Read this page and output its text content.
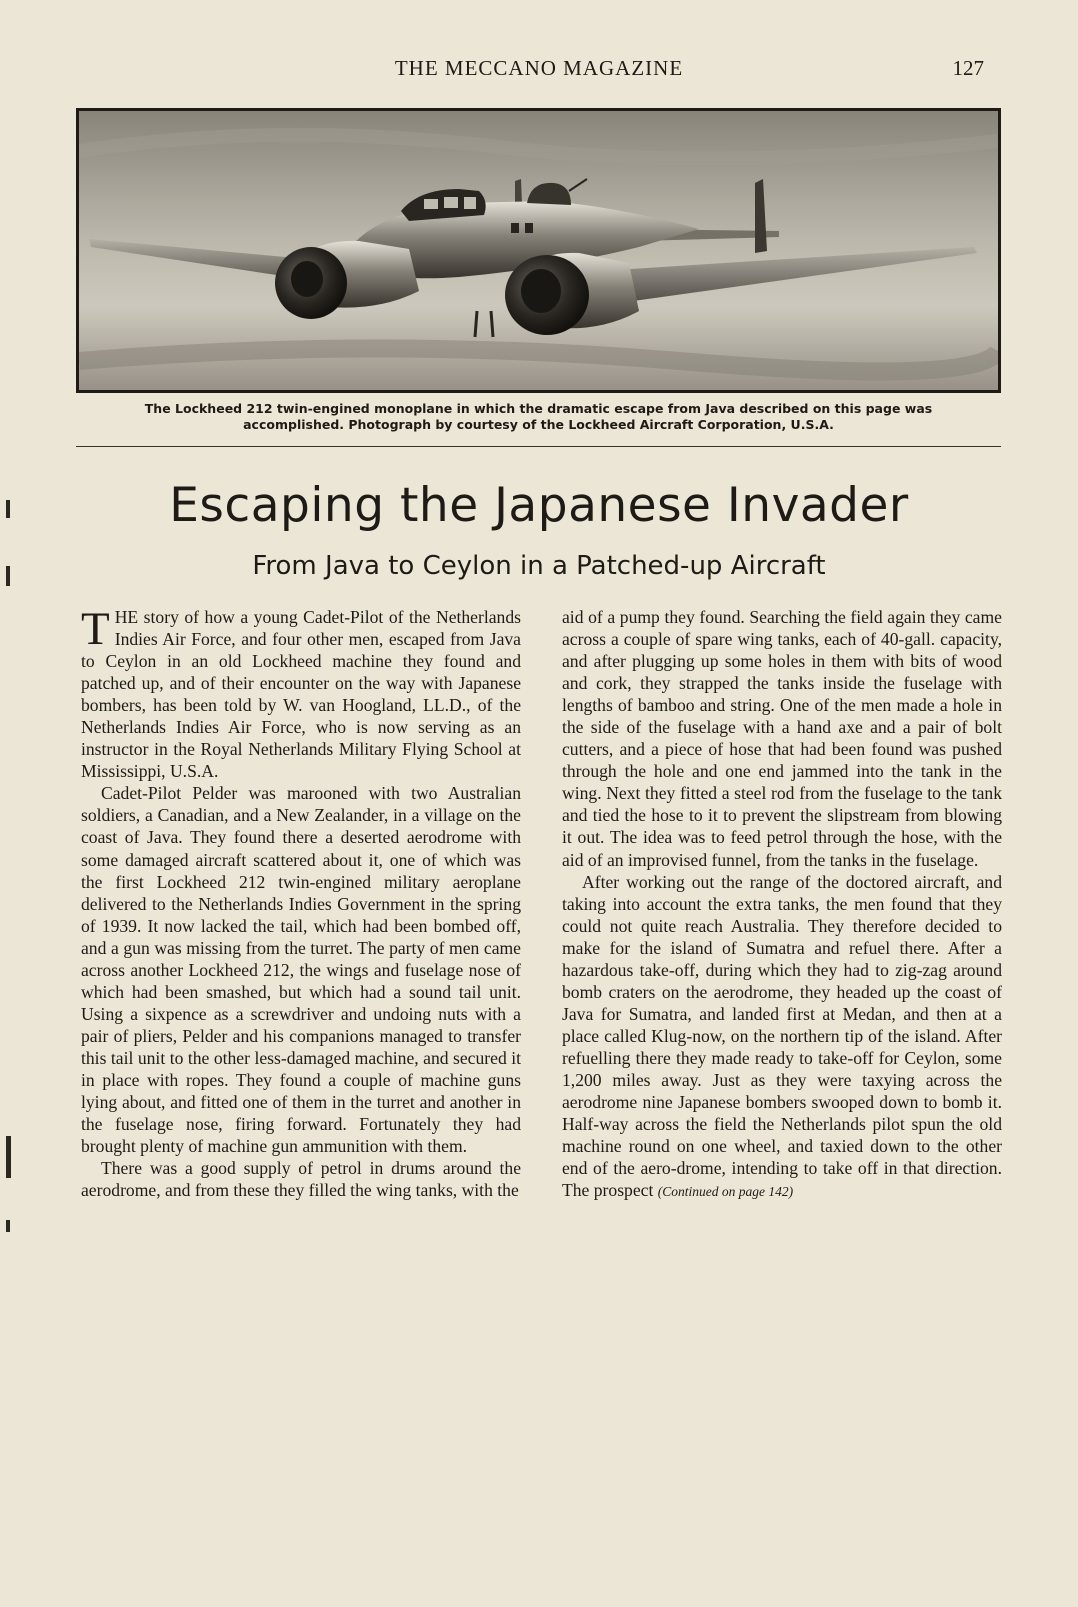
THE MECCANO MAGAZINE	127
The Lockheed 212 twin-engined monoplane in which the dramatic escape from Java described on this page was
accomplished. Photograph by courtesy of the Lockheed Aircraft Corporation, U.S.A.
Escaping the Japanese Invader
From Java to Ceylon in a Patched-up Aircraft

THE story of how a young Cadet-Pilot of the Netherlands Indies Air Force, and four other men, escaped from Java to Ceylon in an old Lockheed machine they found and patched up, and of their encounter on the way with Japanese bombers, has been told by W. van Hoogland, LL.D., of the Netherlands Indies Air Force, who is now serving as an instructor in the Royal Netherlands Military Flying School at Mississippi, U.S.A.

Cadet-Pilot Pelder was marooned with two Australian soldiers, a Canadian, and a New Zealander, in a village on the coast of Java. They found there a deserted aerodrome with some damaged aircraft scattered about it, one of which was the first Lockheed 212 twin-engined military aeroplane delivered to the Netherlands Indies Government in the spring of 1939. It now lacked the tail, which had been bombed off, and a gun was missing from the turret. The party of men came across another Lockheed 212, the wings and fuselage nose of which had been smashed, but which had a sound tail unit. Using a sixpence as a screwdriver and undoing nuts with a pair of pliers, Pelder and his companions managed to transfer this tail unit to the other less-damaged machine, and secured it in place with ropes. They found a couple of machine guns lying about, and fitted one of them in the turret and another in the fuselage nose, firing forward. Fortunately they had brought plenty of machine gun ammunition with them.

There was a good supply of petrol in drums around the aerodrome, and from these they filled the wing tanks, with the

aid of a pump they found. Searching the field again they came across a couple of spare wing tanks, each of 40-gall. capacity, and after plugging up some holes in them with bits of wood and cork, they strapped the tanks inside the fuselage with lengths of bamboo and string. One of the men made a hole in the side of the fuselage with a hand axe and a pair of bolt cutters, and a piece of hose that had been found was pushed through the hole and one end jammed into the tank in the wing. Next they fitted a steel rod from the fuselage to the tank and tied the hose to it to prevent the slipstream from blowing it out. The idea was to feed petrol through the hose, with the aid of an improvised funnel, from the tanks in the fuselage.

After working out the range of the doctored aircraft, and taking into account the extra tanks, the men found that they could not quite reach Australia. They therefore decided to make for the island of Sumatra and refuel there. After a hazardous take-off, during which they had to zig-zag around bomb craters on the aerodrome, they headed up the coast of Java for Sumatra, and landed first at Medan, and then at a place called Klug-now, on the northern tip of the island. After refuelling there they made ready to take-off for Ceylon, some 1,200 miles away. Just as they were taxying across the aerodrome nine Japanese bombers swooped down to bomb it. Half-way across the field the Netherlands pilot spun the old machine round on one wheel, and taxied down to the other end of the aero-drome, intending to take off in that direction. The prospect (Continued on page 142)
